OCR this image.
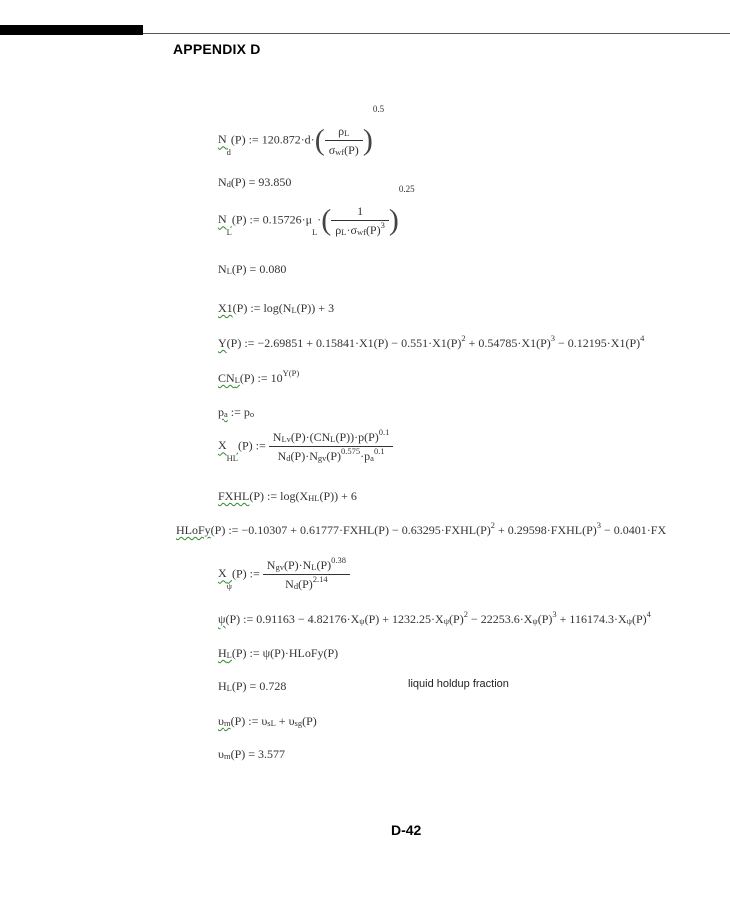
APPENDIX D
$N_d(P)$ := $120.872\cdot d\cdot( \frac{\rho_L}{\sigma_{wf}(P)} )^{0.5}$
$N_d(P) = 93.850$
$N_L(P)$ := $0.15726\cdot\mu_L\cdot( \frac{1}{\rho_L\cdot\sigma_{wf}(P)^3} )^{0.25}$
$N_L(P) = 0.080$
X1(P) := $\log(N_L(P)) + 3$
Y(P) := $-2.69851 + 0.15841\cdot X1(P) - 0.551\cdot X1(P)^2 + 0.54785\cdot X1(P)^3 - 0.12195\cdot X1(P)^4$
$CN_L(P)$ := $10^{Y(P)}$
$p_a$ := $p_o$
$X_{HL}(P)$ := $\frac{N_{Lv}(P)\cdot(CN_L(P))\cdot p(P)^{0.1}}{N_d(P)\cdot N_{gv}(P)^{0.575}\cdot p_a^{0.1}}$
FXHL(P) := $\log(X_{HL}(P)) + 6$
HLoFy(P) := −0.10307 + 0.61777·FXHL(P) − $0.63295\cdot FXHL(P)^2$ + $0.29598\cdot FXHL(P)^3 - 0.0401\cdot FX$
$X_\psi(P)$ := $\frac{N_{gv}(P)\cdot N_L(P)^{0.38}}{N_d(P)^{2.14}}$
ψ(P) := $0.91163 - 4.82176\cdot X_\psi(P) + 1232.25\cdot X_\psi(P)^2 - 22253.6\cdot X_\psi(P)^3 + 116174.3\cdot X_\psi(P)^4$
$H_L(P)$ := ψ(P)·HLoFy(P)
$H_L(P) = 0.728$	liquid holdup fraction
$\upsilon_m(P)$ := $\upsilon_{sL} + \upsilon_{sg}(P)$
$\upsilon_m(P) = 3.577$
D-42
